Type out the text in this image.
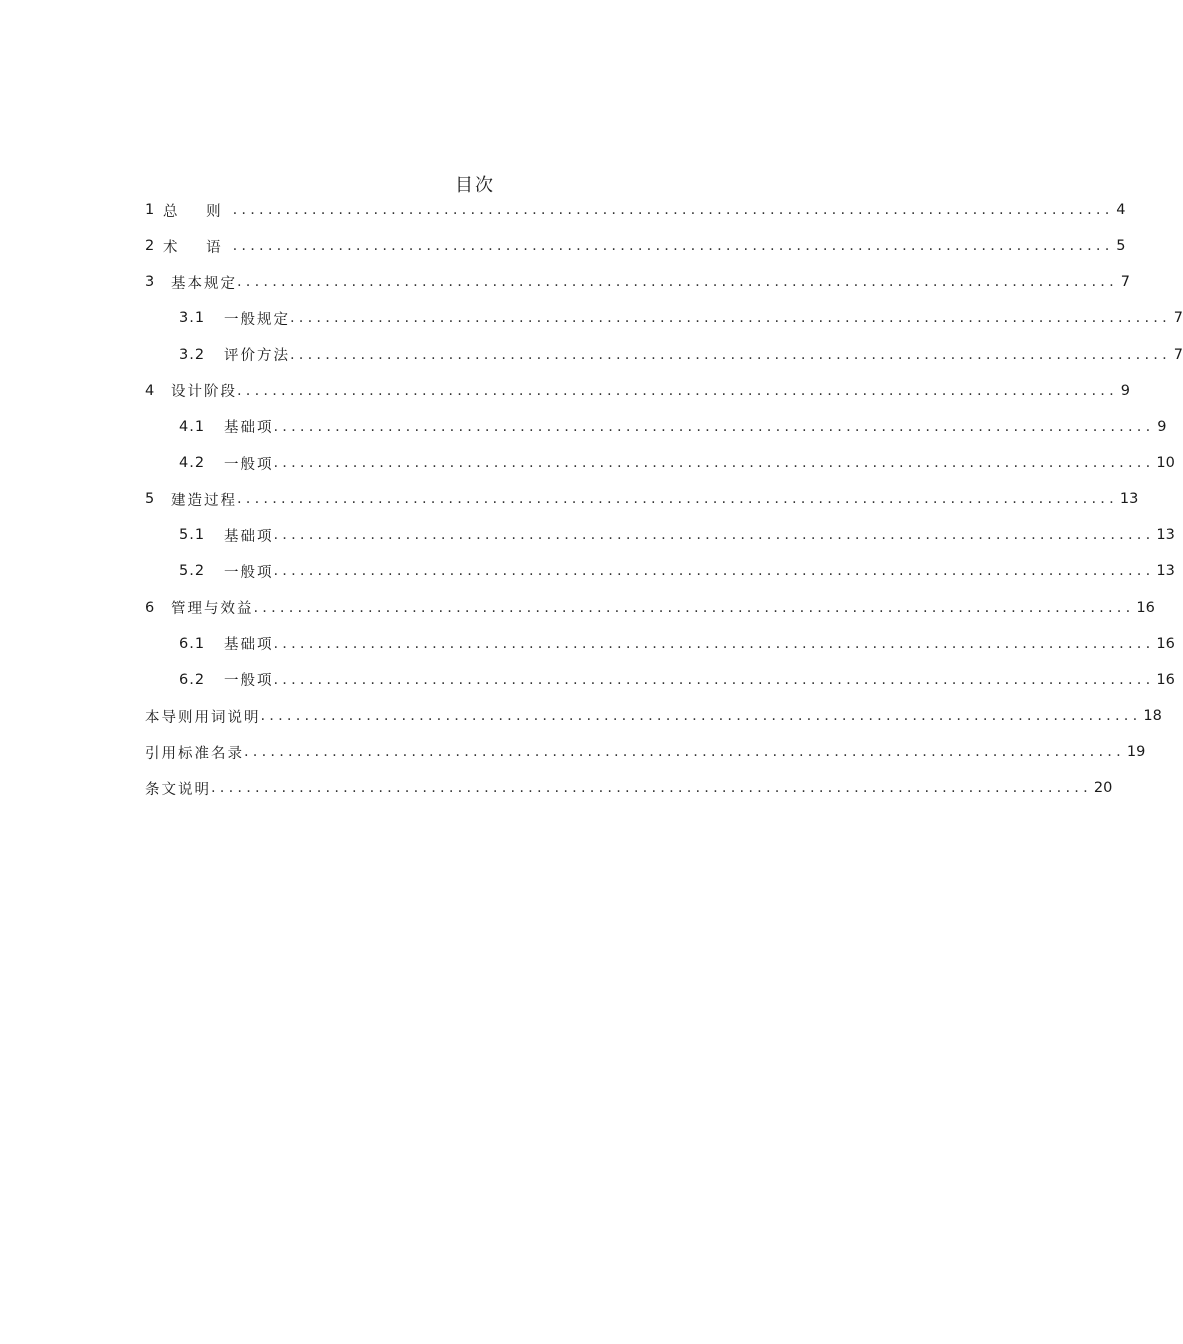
目次
1 总 则 .................................................................................................... 4
2 术 语 .................................................................................................... 5
3	基本规定 .................................................................................................... 7
3.1	一般规定 .................................................................................................... 7
3.2	评价方法 .................................................................................................... 7
4	设计阶段 .................................................................................................... 9
4.1	基础项 .................................................................................................... 9
4.2	一般项 .................................................................................................... 10
5	建造过程 .................................................................................................... 13
5.1	基础项 .................................................................................................... 13
5.2	一般项 .................................................................................................... 13
6	管理与效益 .................................................................................................... 16
6.1	基础项 .................................................................................................... 16
6.2	一般项 .................................................................................................... 16
本导则用词说明 .................................................................................................... 18
引用标准名录 .................................................................................................... 19
条文说明 .................................................................................................... 20
